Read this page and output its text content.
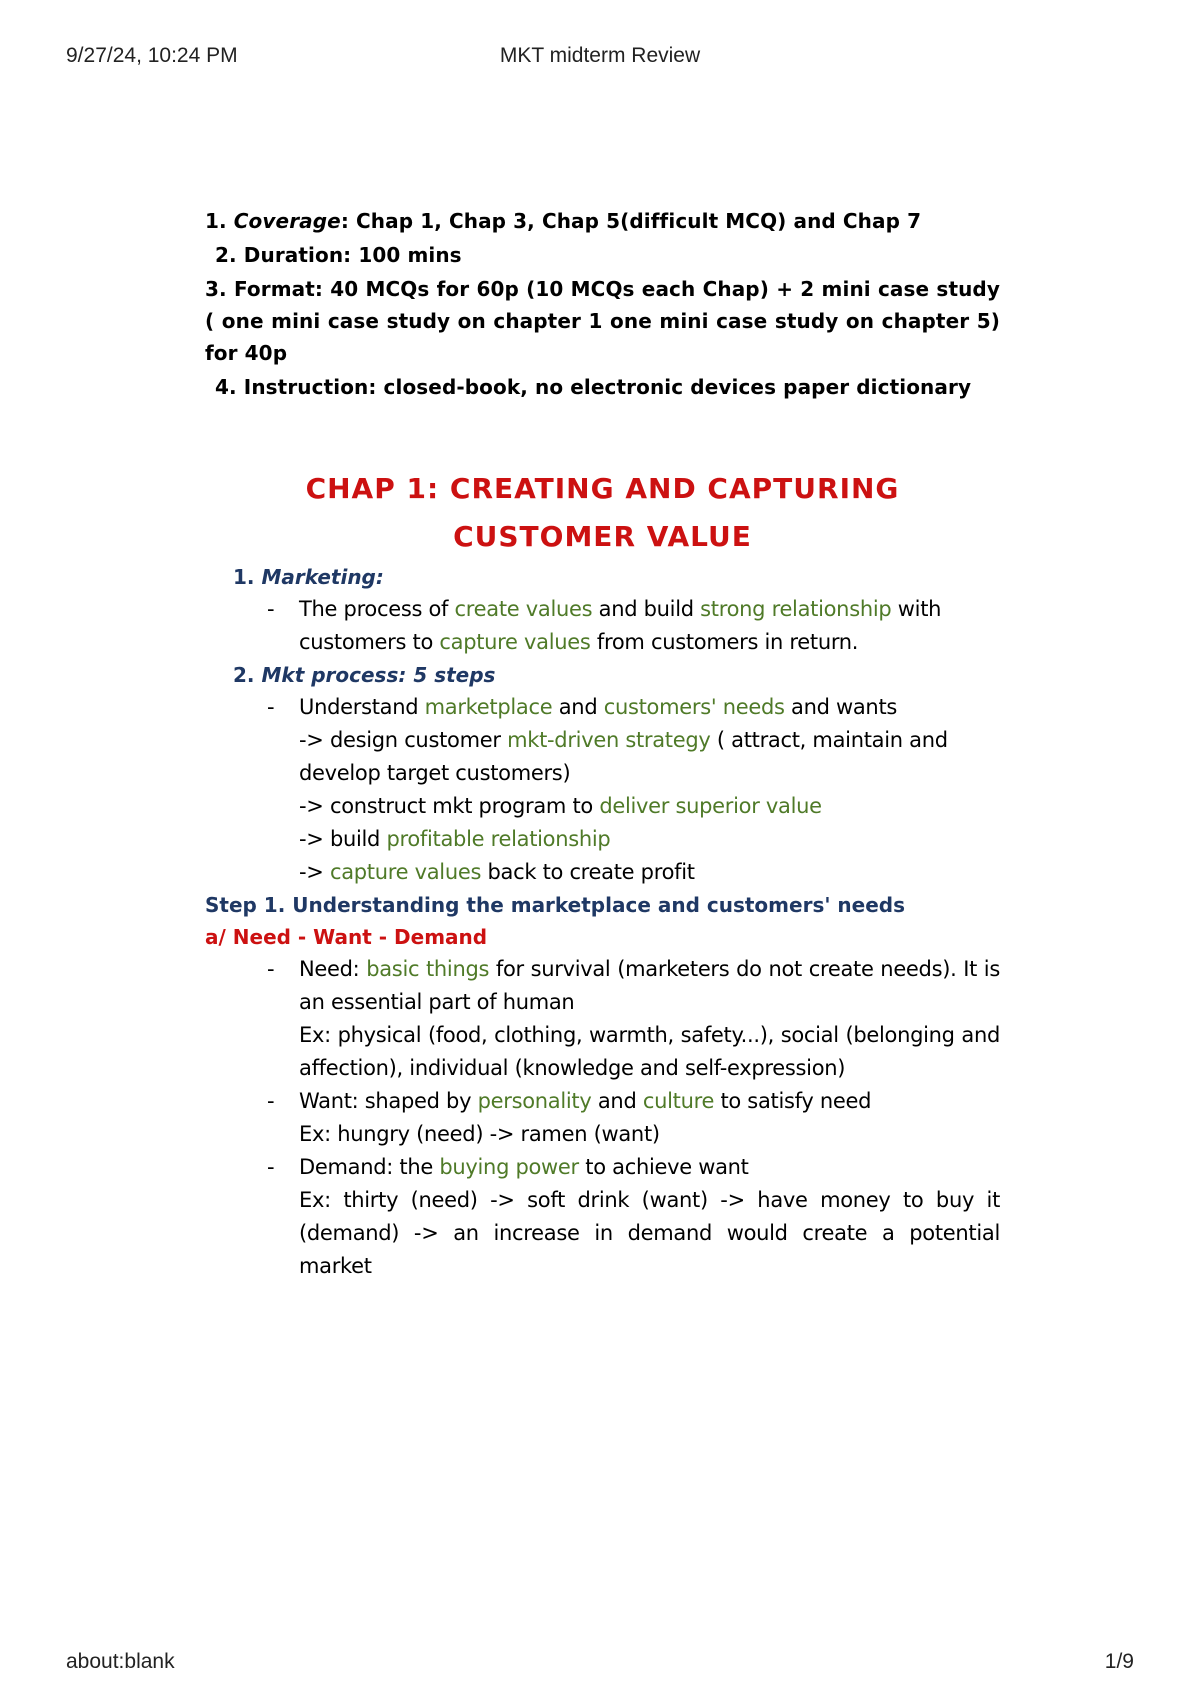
9/27/24, 10:24 PM	MKT midterm Review

1. Coverage: Chap 1, Chap 3, Chap 5(difficult MCQ) and Chap 7

2. Duration: 100 mins

3. Format: 40 MCQs for 60p (10 MCQs each Chap) + 2 mini case study ( one mini case study on chapter 1 one mini case study on chapter 5) for 40p

4. Instruction: closed-book, no electronic devices paper dictionary

CHAP 1: CREATING AND CAPTURING
CUSTOMER VALUE
1. Marketing:
- The process of create values and build strong relationship with customers to capture values from customers in return.
2. Mkt process: 5 steps
- Understand marketplace and customers' needs and wants
-> design customer mkt-driven strategy ( attract, maintain and develop target customers)
-> construct mkt program to deliver superior value
-> build profitable relationship
-> capture values back to create profit
Step 1. Understanding the marketplace and customers' needs
a/ Need - Want - Demand
- Need: basic things for survival (marketers do not create needs). It is an essential part of human
Ex: physical (food, clothing, warmth, safety...), social (belonging and affection), individual (knowledge and self-expression)
- Want: shaped by personality and culture to satisfy need
Ex: hungry (need) -> ramen (want)
- Demand: the buying power to achieve want
Ex: thirty (need) -> soft drink (want) -> have money to buy it (demand) -> an increase in demand would create a potential market
about:blank	1/9
